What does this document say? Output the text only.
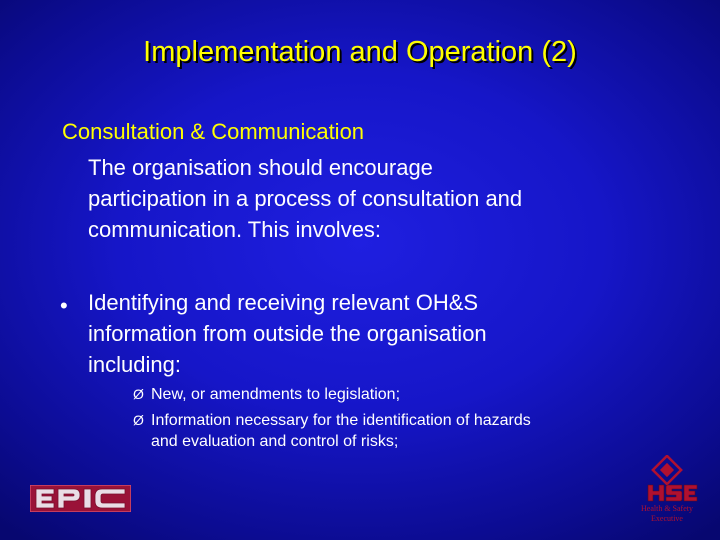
Implementation and Operation (2)
Consultation & Communication
The organisation should encourage
participation in a process of consultation and
communication. This involves:
• Identifying and receiving relevant OH&S
information from outside the organisation
including:
Ø New, or amendments to legislation;
Ø Information necessary for the identification of hazards
and evaluation and control of risks;
Health & Safety
Executive
